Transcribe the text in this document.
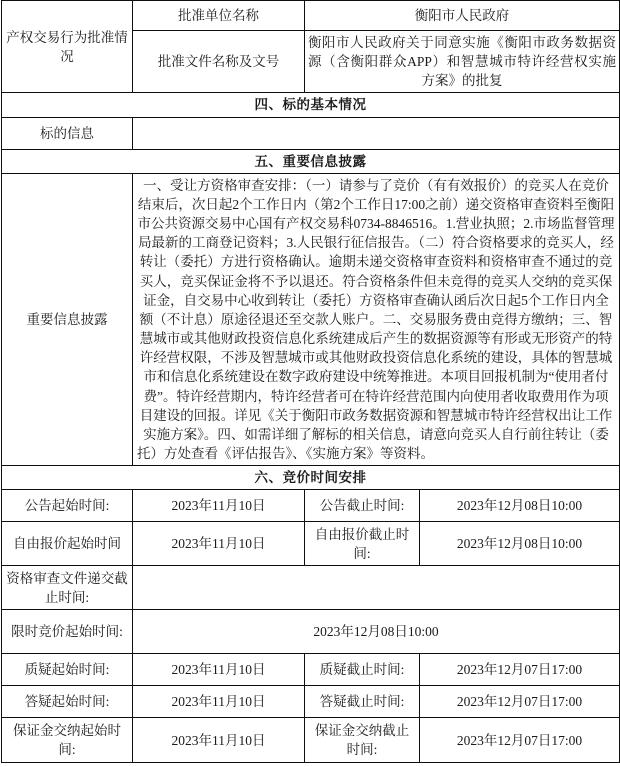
产权交易行为批准情况	批准单位名称	衡阳市人民政府	
	批准文件名称及文号	衡阳市人民政府关于同意实施《衡阳市政务数据资源（含衡阳群众APP）和智慧城市特许经营权实施方案》的批复	
四、标的基本情况			
标的信息			
五、重要信息披露			
重要信息披露	一、受让方资格审查安排：（一）请参与了竞价（有有效报价）的竞买人在竞价结束后，次日起2个工作日内（第2个工作日17:00之前）递交资格审查资料至衡阳市公共资源交易中心国有产权交易科0734-8846516。1.营业执照；2.市场监督管理局最新的工商登记资料；3.人民银行征信报告。（二）符合资格要求的竞买人，经转让（委托）方进行资格确认。逾期未递交资格审查资料和资格审查不通过的竞买人，竞买保证金将不予以退还。符合资格条件但未竞得的竞买人交纳的竞买保证金，自交易中心收到转让（委托）方资格审查确认函后次日起5个工作日内全额（不计息）原途径退还至交款人账户。二、交易服务费由竞得方缴纳；三、智慧城市或其他财政投资信息化系统建成后产生的数据资源等有形或无形资产的特许经营权限，不涉及智慧城市或其他财政投资信息化系统的建设，具体的智慧城市和信息化系统建设在数字政府建设中统筹推进。本项目回报机制为“使用者付费”。特许经营期内，特许经营者可在特许经营范围内向使用者收取费用作为项目建设的回报。详见《关于衡阳市政务数据资源和智慧城市特许经营权出让工作实施方案》。四、如需详细了解标的相关信息，请意向竞买人自行前往转让（委托）方处查看《评估报告》、《实施方案》等资料。		
六、竞价时间安排			
公告起始时间:	2023年11月10日	公告截止时间:	2023年12月08日10:00
自由报价起始时间	2023年11月10日	自由报价截止时间:	2023年12月08日10:00
资格审查文件递交截止时间:			
限时竞价起始时间:	2023年12月08日10:00		
质疑起始时间:	2023年11月10日	质疑截止时间:	2023年12月07日17:00
答疑起始时间:	2023年11月10日	答疑截止时间:	2023年12月07日17:00
保证金交纳起始时间:	2023年11月10日	保证金交纳截止时间:	2023年12月07日17:00
